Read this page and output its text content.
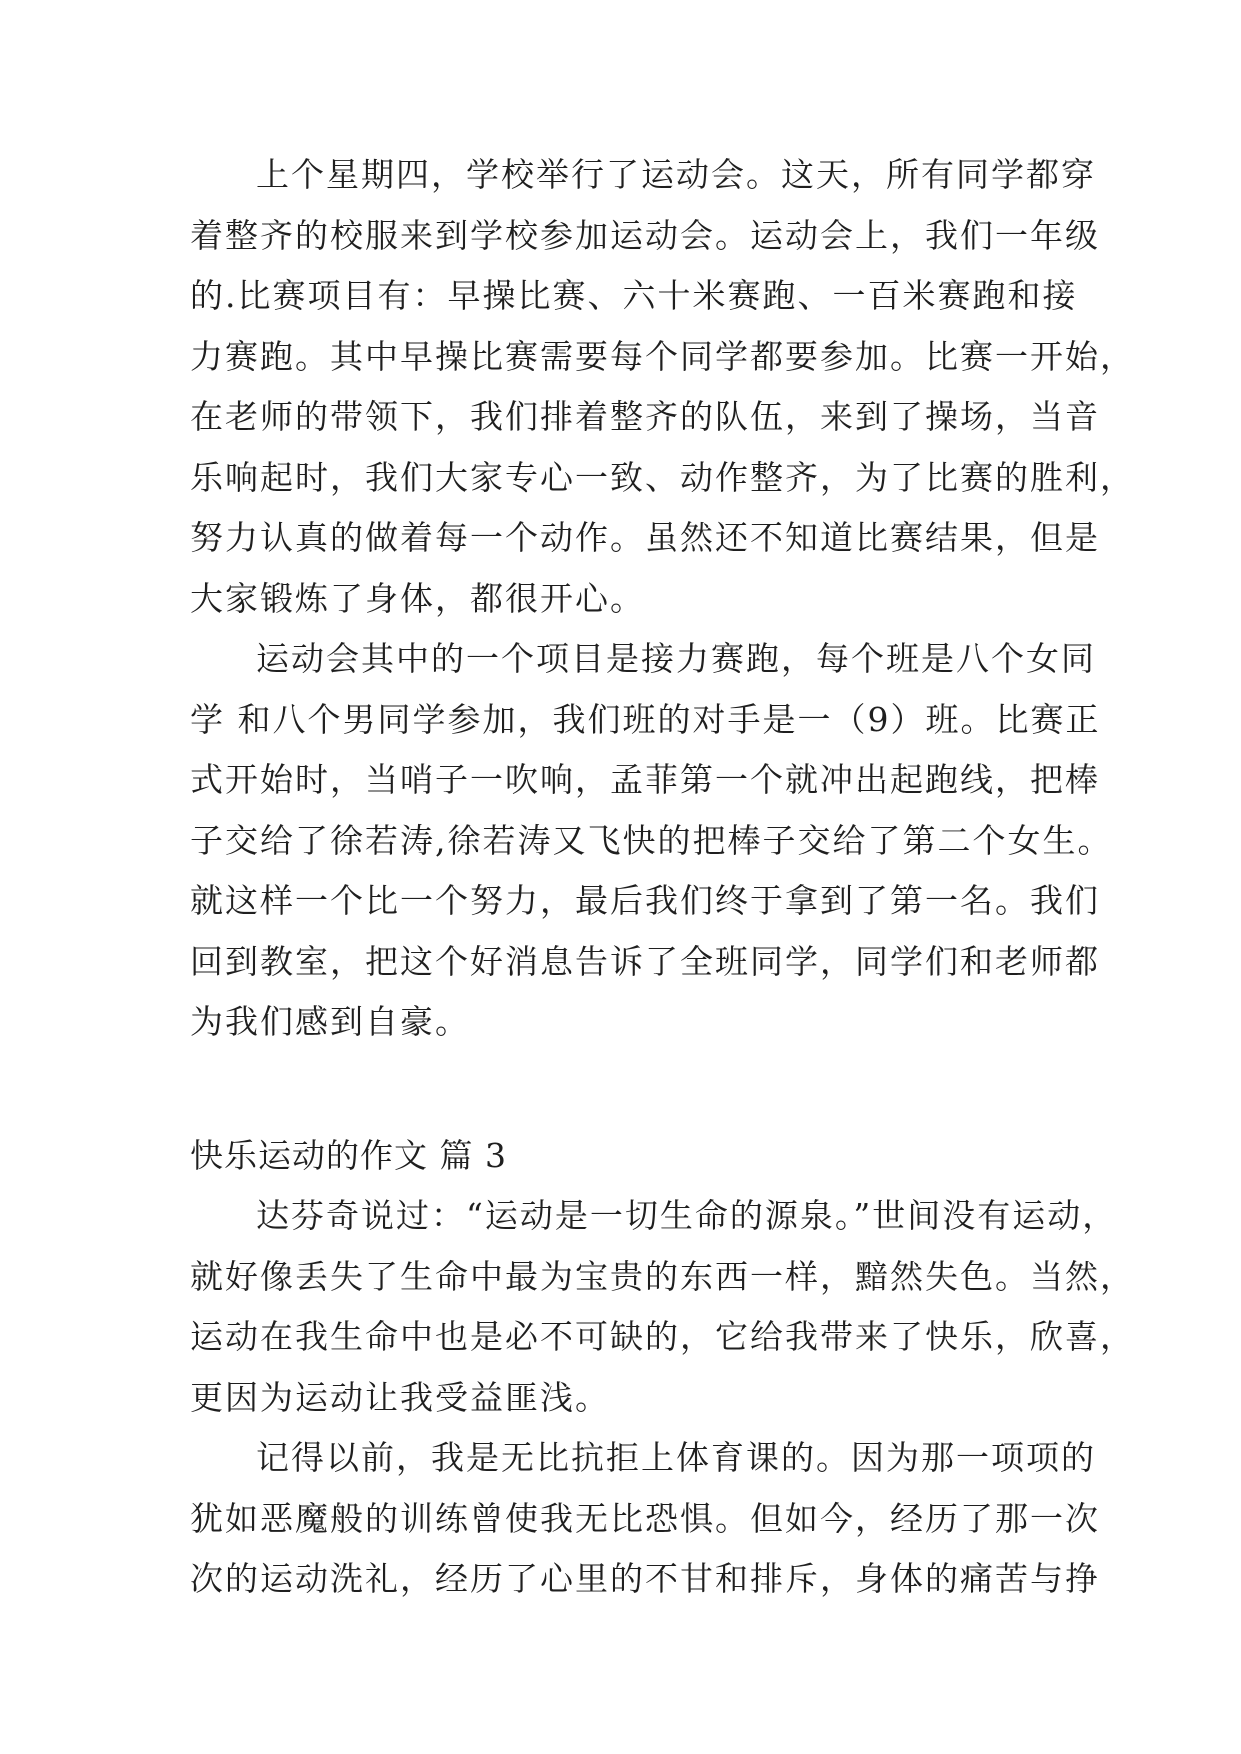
上个星期四，学校举行了运动会。这天，所有同学都穿
着整齐的校服来到学校参加运动会。运动会上，我们一年级
的.比赛项目有：早操比赛、六十米赛跑、一百米赛跑和接
力赛跑。其中早操比赛需要每个同学都要参加。比赛一开始，
在老师的带领下，我们排着整齐的队伍，来到了操场，当音
乐响起时，我们大家专心一致、动作整齐，为了比赛的胜利，
努力认真的做着每一个动作。虽然还不知道比赛结果，但是
大家锻炼了身体，都很开心。

运动会其中的一个项目是接力赛跑，每个班是八个女同
学 和八个男同学参加，我们班的对手是一（9）班。比赛正
式开始时，当哨子一吹响，孟菲第一个就冲出起跑线，把棒
子交给了徐若涛,徐若涛又飞快的把棒子交给了第二个女生。
就这样一个比一个努力，最后我们终于拿到了第一名。我们
回到教室，把这个好消息告诉了全班同学，同学们和老师都
为我们感到自豪。

快乐运动的作文 篇 3

达芬奇说过：“运动是一切生命的源泉。”世间没有运动，
就好像丢失了生命中最为宝贵的东西一样，黯然失色。当然，
运动在我生命中也是必不可缺的，它给我带来了快乐，欣喜，
更因为运动让我受益匪浅。

记得以前，我是无比抗拒上体育课的。因为那一项项的
犹如恶魔般的训练曾使我无比恐惧。但如今，经历了那一次
次的运动洗礼，经历了心里的不甘和排斥，身体的痛苦与挣
